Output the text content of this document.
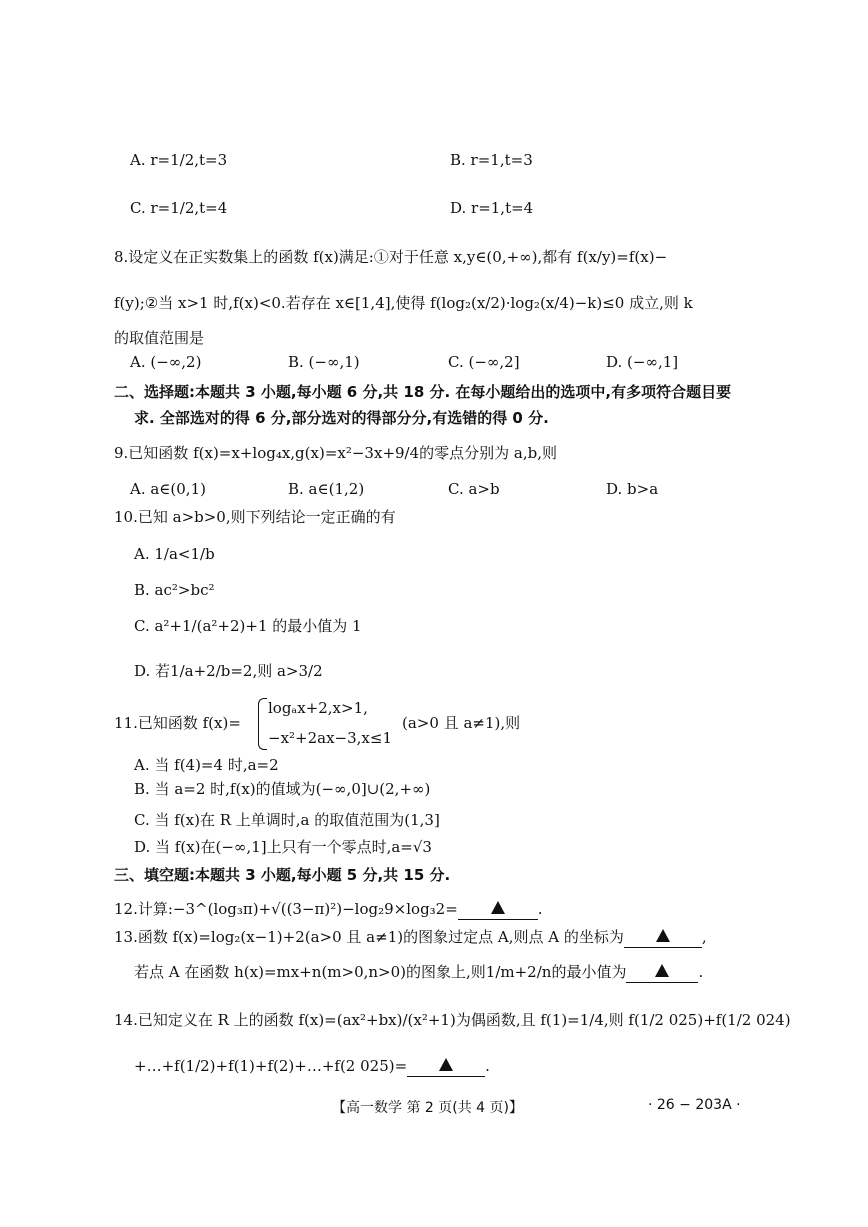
A. r=1/2,t=3	B. r=1,t=3
C. r=1/2,t=4	D. r=1,t=4
8.设定义在正实数集上的函数 f(x)满足:①对于任意 x,y∈(0,+∞),都有 f(x/y)=f(x)−
f(y);②当 x>1 时,f(x)<0.若存在 x∈[1,4],使得 f(log₂(x/2)·log₂(x/4)−k)≤0 成立,则 k
的取值范围是
A. (−∞,2)	B. (−∞,1)	C. (−∞,2]	D. (−∞,1]
二、选择题:本题共 3 小题,每小题 6 分,共 18 分. 在每小题给出的选项中,有多项符合题目要
求. 全部选对的得 6 分,部分选对的得部分分,有选错的得 0 分.
9.已知函数 f(x)=x+log₄x,g(x)=x²−3x+9/4的零点分别为 a,b,则
A. a∈(0,1)	B. a∈(1,2)	C. a>b	D. b>a
10.已知 a>b>0,则下列结论一定正确的有
A. 1/a<1/b
B. ac²>bc²
C. a²+1/(a²+2)+1 的最小值为 1
D. 若1/a+2/b=2,则 a>3/2
11.已知函数 f(x)=
logₐx+2,x>1,
−x²+2ax−3,x≤1
(a>0 且 a≠1),则
A. 当 f(4)=4 时,a=2
B. 当 a=2 时,f(x)的值域为(−∞,0]∪(2,+∞)
C. 当 f(x)在 R 上单调时,a 的取值范围为(1,3]
D. 当 f(x)在(−∞,1]上只有一个零点时,a=√3
三、填空题:本题共 3 小题,每小题 5 分,共 15 分.
12.计算:−3^(log₃π)+√((3−π)²)−log₂9×log₃2=	.
13.函数 f(x)=log₂(x−1)+2(a>0 且 a≠1)的图象过定点 A,则点 A 的坐标为	,
若点 A 在函数 h(x)=mx+n(m>0,n>0)的图象上,则1/m+2/n的最小值为	.
14.已知定义在 R 上的函数 f(x)=(ax²+bx)/(x²+1)为偶函数,且 f(1)=1/4,则 f(1/2 025)+f(1/2 024)
+…+f(1/2)+f(1)+f(2)+…+f(2 025)=	.
【高一数学 第 2 页(共 4 页)】	· 26 − 203A ·
